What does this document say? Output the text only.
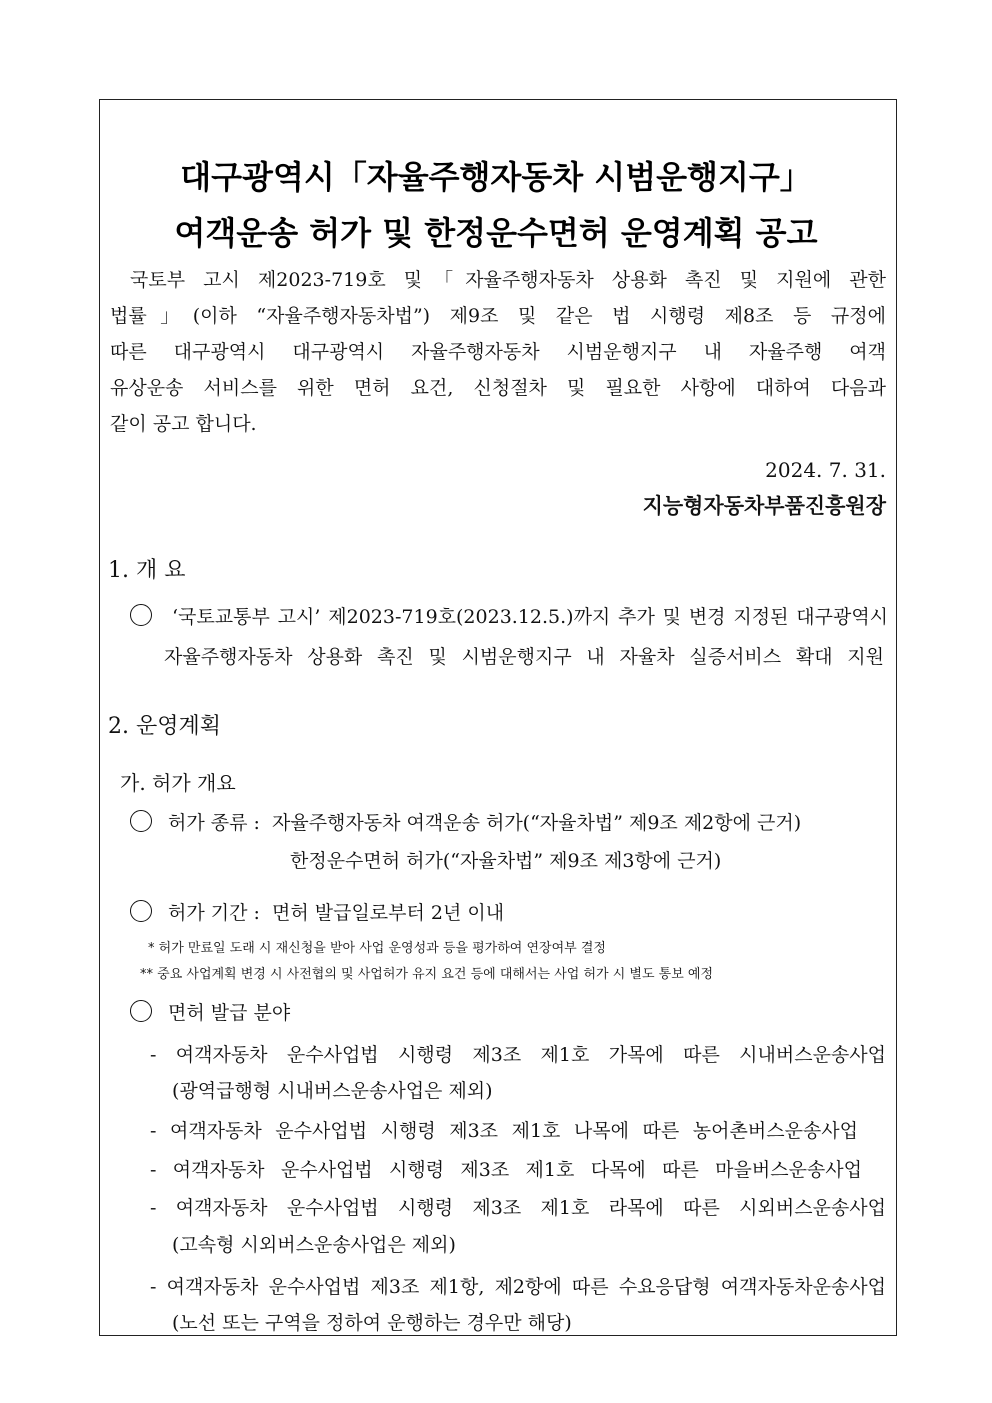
대구광역시「자율주행자동차 시범운행지구」
여객운송 허가 및 한정운수면허 운영계획 공고
국토부 고시 제2023-719호 및「자율주행자동차 상용화 촉진 및 지원에 관한
법률」(이하 “자율주행자동차법”) 제9조 및 같은 법 시행령 제8조 등 규정에
따른 대구광역시 대구광역시 자율주행자동차 시범운행지구 내 자율주행 여객
유상운송 서비스를 위한 면허 요건, 신청절차 및 필요한 사항에 대하여 다음과
같이 공고 합니다.
2024. 7. 31.
지능형자동차부품진흥원장
1. 개 요
‘국토교통부 고시’ 제2023-719호(2023.12.5.)까지 추가 및 변경 지정된 대구광역시
자율주행자동차 상용화 촉진 및 시범운행지구 내 자율차 실증서비스 확대 지원
2. 운영계획
가. 허가 개요
허가 종류 : 자율주행자동차 여객운송 허가(“자율차법” 제9조 제2항에 근거)
한정운수면허 허가(“자율차법” 제9조 제3항에 근거)
허가 기간 : 면허 발급일로부터 2년 이내
* 허가 만료일 도래 시 재신청을 받아 사업 운영성과 등을 평가하여 연장여부 결정
** 중요 사업계획 변경 시 사전협의 및 사업허가 유지 요건 등에 대해서는 사업 허가 시 별도 통보 예정
면허 발급 분야
- 여객자동차 운수사업법 시행령 제3조 제1호 가목에 따른 시내버스운송사업
(광역급행형 시내버스운송사업은 제외)
- 여객자동차 운수사업법 시행령 제3조 제1호 나목에 따른 농어촌버스운송사업
- 여객자동차 운수사업법 시행령 제3조 제1호 다목에 따른 마을버스운송사업
- 여객자동차 운수사업법 시행령 제3조 제1호 라목에 따른 시외버스운송사업
(고속형 시외버스운송사업은 제외)
- 여객자동차 운수사업법 제3조 제1항, 제2항에 따른 수요응답형 여객자동차운송사업
(노선 또는 구역을 정하여 운행하는 경우만 해당)
